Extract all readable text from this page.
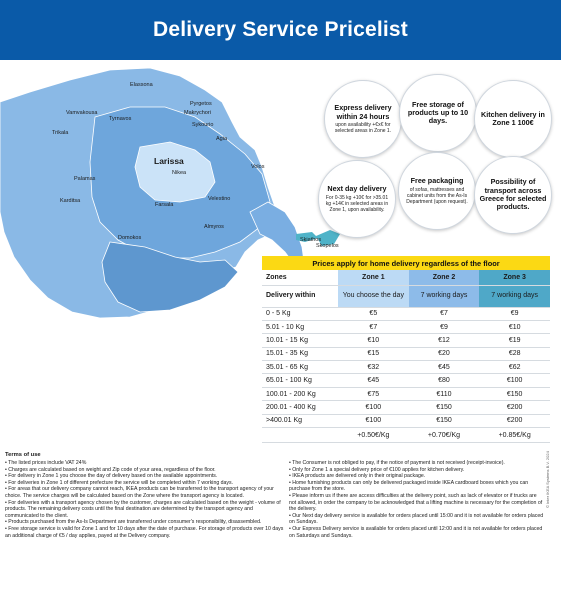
Delivery Service Pricelist
Elassona
Vamvakousa
Tyrnavos
Pyrgetos
Makrychori
Sykourio
Agia
Trikala
Larissa
Nikea
Palamas
Karditsa
Farsala
Velestino
Volos
Almyros
Domokos	Skiathos
Skopelos
Express delivery within 24 hours
upon availability +€x€ for selected areas in Zone 1.
Free storage of products up to 10 days.
Kitchen delivery in Zone 1 100€
Next day delivery
For 0-35 kg +10€ for >35.01 kg +14€ in selected areas in Zone 1, upon availability.
Free packaging
of sofas, mattresses and cabinet units from the As-Is Department (upon request).
Possibility of transport across Greece for selected products.
Prices apply for home delivery regardless of the floor
Zones	Zone 1	Zone 2	Zone 3
Delivery within	You choose the day	7 working days	7 working days
0 - 5 Kg	€5	€7	€9
5.01 - 10 Kg	€7	€9	€10
10.01 - 15 Kg	€10	€12	€19
15.01 - 35 Kg	€15	€20	€28
35.01 - 65 Kg	€32	€45	€62
65.01 - 100 Kg	€45	€80	€100
100.01 - 200 Kg	€75	€110	€150
200.01 - 400 Kg	€100	€150	€200
>400.01 Kg	€100	€150	€200
	+0.50€/Kg	+0.70€/Kg	+0.85€/Kg
Terms of use

• The listed prices include VAT 24%

• Charges are calculated based on weight and Zip code of your area, regardless of the floor.

• For delivery in Zone 1 you choose the day of delivery based on the available appointments.

• For deliveries in Zone 1 of different prefecture the service will be completed within 7 working days.

• For areas that our delivery company cannot reach, IKEA products can be transferred to the transport agency of your choice. The service charges will be calculated based on the Zone where the transport agency is located.

• For deliveries with a transport agency chosen by the customer, charges are calculated based on the weight - volume of products. The remaining delivery costs until the final destination are determined by the transport agency and communicated to the client.

• Products purchased from the As-Is Department are transferred under consumer's responsibility, disassembled.

• Free storage service is valid for Zone 1 and for 10 days after the date of purchase. For storage of products over 10 days an additional charge of €5 / day applies, payed at the Delivery company.

• The Consumer is not obliged to pay, if the notice of payment is not received (receipt-invoice).

• Only for Zone 1 a special delivery price of €100 applies for kitchen delivery.

• IKEA products are delivered only in their original package.

• Home furnishing products can only be delivered packaged inside IKEA cardboard boxes which you can purchase from the store.

• Please inform us if there are access difficulties at the delivery point, such as lack of elevator or if trucks are not allowed, in order the company to be acknowledged that a lifting machine is necessary for the completion of the delivery.

• Our Next day delivery service is available for orders placed until 15:00 and it is not available for orders placed on Sundays.

• Our Express Delivery service is available for orders placed until 12:00 and it is not available for orders placed on Saturdays and Sundays.

© Inter IKEA Systems B.V. 2024
